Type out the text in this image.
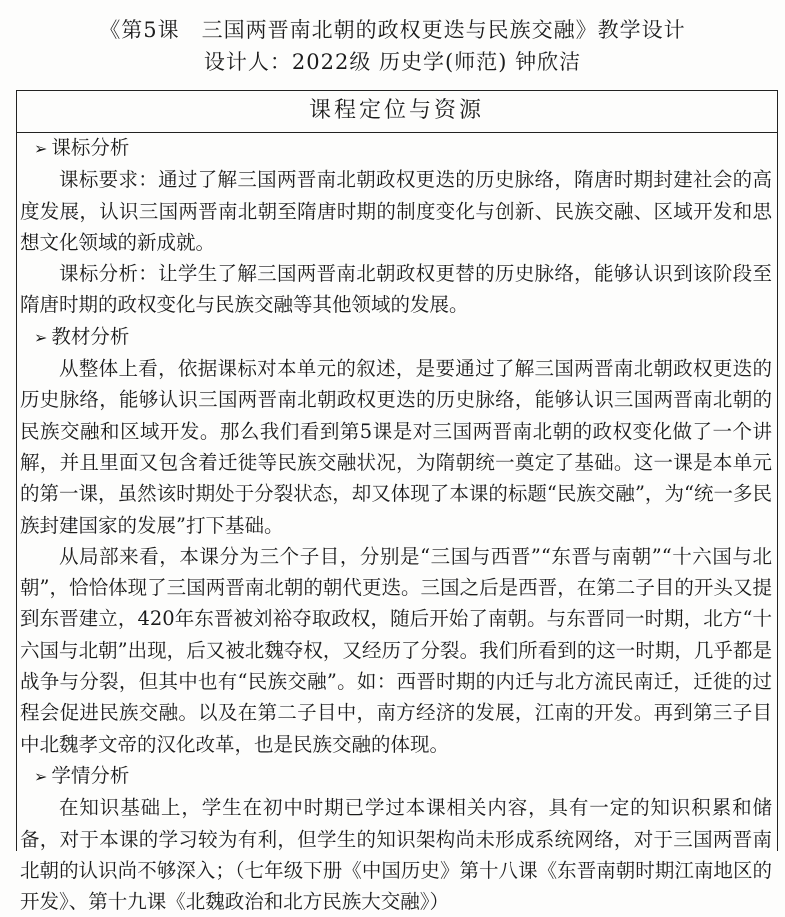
《第5课　三国两晋南北朝的政权更迭与民族交融》教学设计
设计人：2022级 历史学(师范) 钟欣洁
课程定位与资源
➢ 课标分析

课标要求：通过了解三国两晋南北朝政权更迭的历史脉络，隋唐时期封建社会的高度发展，认识三国两晋南北朝至隋唐时期的制度变化与创新、民族交融、区域开发和思想文化领域的新成就。

课标分析：让学生了解三国两晋南北朝政权更替的历史脉络，能够认识到该阶段至隋唐时期的政权变化与民族交融等其他领域的发展。

➢ 教材分析

从整体上看，依据课标对本单元的叙述，是要通过了解三国两晋南北朝政权更迭的历史脉络，能够认识三国两晋南北朝政权更迭的历史脉络，能够认识三国两晋南北朝的民族交融和区域开发。那么我们看到第5课是对三国两晋南北朝的政权变化做了一个讲解，并且里面又包含着迁徙等民族交融状况，为隋朝统一奠定了基础。这一课是本单元的第一课，虽然该时期处于分裂状态，却又体现了本课的标题“民族交融”，为“统一多民族封建国家的发展”打下基础。

从局部来看，本课分为三个子目，分别是“三国与西晋”“东晋与南朝”“十六国与北朝”，恰恰体现了三国两晋南北朝的朝代更迭。三国之后是西晋，在第二子目的开头又提到东晋建立，420年东晋被刘裕夺取政权，随后开始了南朝。与东晋同一时期，北方“十六国与北朝”出现，后又被北魏夺权，又经历了分裂。我们所看到的这一时期，几乎都是战争与分裂，但其中也有“民族交融”。如：西晋时期的内迁与北方流民南迁，迁徙的过程会促进民族交融。以及在第二子目中，南方经济的发展，江南的开发。再到第三子目中北魏孝文帝的汉化改革，也是民族交融的体现。

➢ 学情分析

在知识基础上，学生在初中时期已学过本课相关内容，具有一定的知识积累和储备，对于本课的学习较为有利，但学生的知识架构尚未形成系统网络，对于三国两晋南北朝的认识尚不够深入；（七年级下册《中国历史》第十八课《东晋南朝时期江南地区的开发》、第十九课《北魏政治和北方民族大交融》）
